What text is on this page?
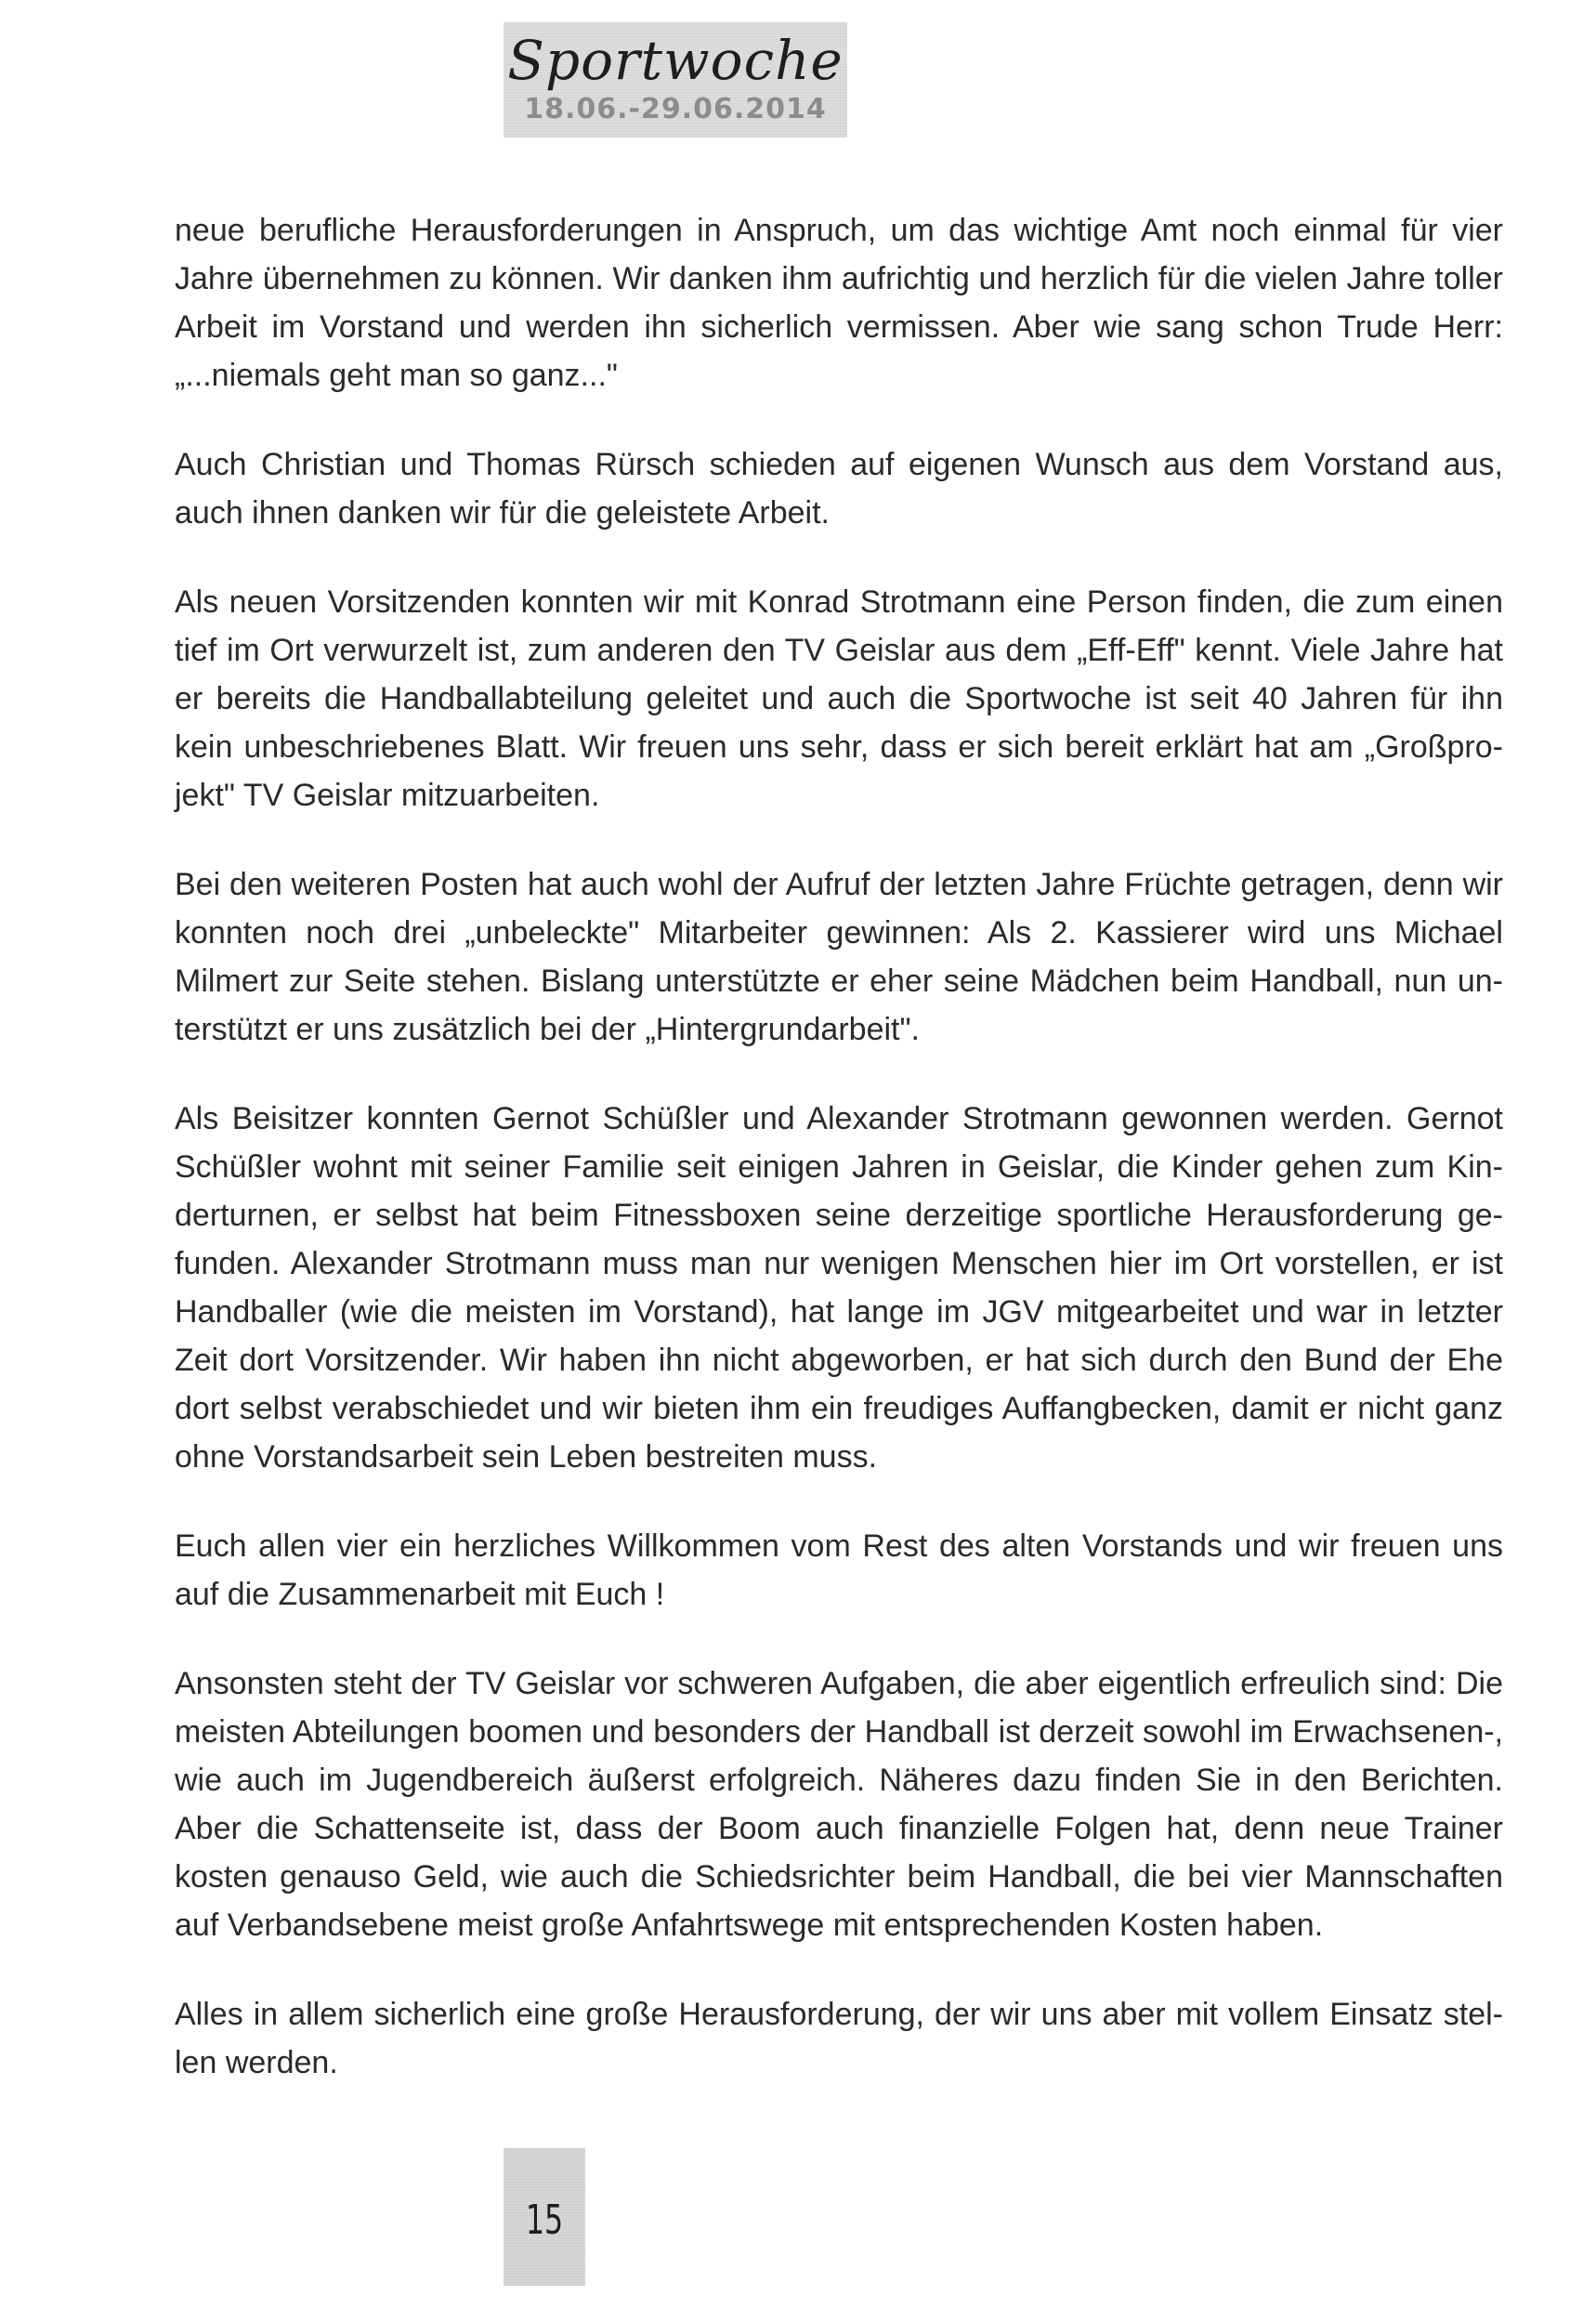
Sportwoche
18.06.-29.06.2014

neue berufliche Herausforderungen in Anspruch, um das wichtige Amt noch einmal für vier Jahre übernehmen zu können. Wir danken ihm aufrichtig und herzlich für die vielen Jahre toller Arbeit im Vorstand und werden ihn sicherlich vermissen. Aber wie sang schon Trude Herr: „...niemals geht man so ganz..."

Auch Christian und Thomas Rürsch schieden auf eigenen Wunsch aus dem Vorstand aus, auch ihnen danken wir für die geleistete Arbeit.

Als neuen Vorsitzenden konnten wir mit Konrad Strotmann eine Person finden, die zum einen tief im Ort verwurzelt ist, zum anderen den TV Geislar aus dem „Eff-Eff" kennt. Viele Jahre hat er bereits die Handballabteilung geleitet und auch die Sportwoche ist seit 40 Jahren für ihn kein unbeschriebenes Blatt. Wir freuen uns sehr, dass er sich bereit erklärt hat am „Großprojekt" TV Geislar mitzuarbeiten.

Bei den weiteren Posten hat auch wohl der Aufruf der letzten Jahre Früchte getragen, denn wir konnten noch drei „unbeleckte" Mitarbeiter gewinnen: Als 2. Kassierer wird uns Michael Milmert zur Seite stehen. Bislang unterstützte er eher seine Mädchen beim Handball, nun unterstützt er uns zusätzlich bei der „Hintergrundarbeit".

Als Beisitzer konnten Gernot Schüßler und Alexander Strotmann gewonnen werden. Gernot Schüßler wohnt mit seiner Familie seit einigen Jahren in Geislar, die Kinder gehen zum Kinderturnen, er selbst hat beim Fitnessboxen seine derzeitige sportliche Herausforderung gefunden. Alexander Strotmann muss man nur wenigen Menschen hier im Ort vorstellen, er ist Handballer (wie die meisten im Vorstand), hat lange im JGV mitgearbeitet und war in letzter Zeit dort Vorsitzender. Wir haben ihn nicht abgeworben, er hat sich durch den Bund der Ehe dort selbst verabschiedet und wir bieten ihm ein freudiges Auffangbecken, damit er nicht ganz ohne Vorstandsarbeit sein Leben bestreiten muss.

Euch allen vier ein herzliches Willkommen vom Rest des alten Vorstands und wir freuen uns auf die Zusammenarbeit mit Euch !

Ansonsten steht der TV Geislar vor schweren Aufgaben, die aber eigentlich erfreulich sind: Die meisten Abteilungen boomen und besonders der Handball ist derzeit sowohl im Erwachsenen-, wie auch im Jugendbereich äußerst erfolgreich. Näheres dazu finden Sie in den Berichten. Aber die Schattenseite ist, dass der Boom auch finanzielle Folgen hat, denn neue Trainer kosten genauso Geld, wie auch die Schiedsrichter beim Handball, die bei vier Mannschaften auf Verbandsebene meist große Anfahrtswege mit entsprechenden Kosten haben.

Alles in allem sicherlich eine große Herausforderung, der wir uns aber mit vollem Einsatz stellen werden.

15
